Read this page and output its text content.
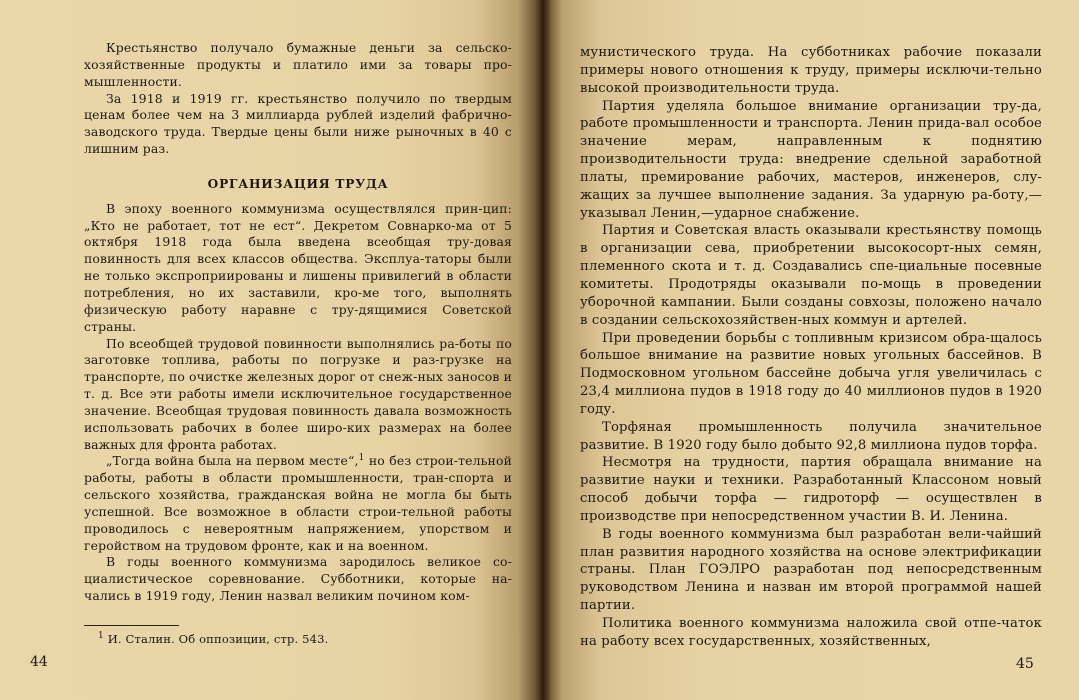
Крестьянство получало бумажные деньги за сельско-хозяйственные продукты и платило ими за товары про-мышленности.

За 1918 и 1919 гг. крестьянство получило по твердым ценам более чем на 3 миллиарда рублей изделий фабрично-заводского труда. Твердые цены были ниже рыночных в 40 с лишним раз.

ОРГАНИЗАЦИЯ ТРУДА

В эпоху военного коммунизма осуществлялся прин-цип: „Кто не работает, тот не ест“. Декретом Совнарко-ма от 5 октября 1918 года была введена всеобщая тру-довая повинность для всех классов общества. Эксплуа-таторы были не только экспроприированы и лишены привилегий в области потребления, но их заставили, кро-ме того, выполнять физическую работу наравне с тру-дящимися Советской страны.

По всеобщей трудовой повинности выполнялись ра-боты по заготовке топлива, работы по погрузке и раз-грузке на транспорте, по очистке железных дорог от снеж-ных заносов и т. д. Все эти работы имели исключительное государственное значение. Всеобщая трудовая повинность давала возможность использовать рабочих в более широ-ких размерах на более важных для фронта работах.

„Тогда война была на первом месте“,$^1$ но без строи-тельной работы, работы в области промышленности, тран-спорта и сельского хозяйства, гражданская война не могла бы быть успешной. Все возможное в области строи-тельной работы проводилось с невероятным напряжением, упорством и геройством на трудовом фронте, как и на военном.

В годы военного коммунизма зародилось великое со-циалистическое соревнование. Субботники, которые на-чались в 1919 году, Ленин назвал великим почином ком-

$^1$ И. Сталин. Об оппозиции, стр. 543.
44

мунистического труда. На субботниках рабочие показали примеры нового отношения к труду, примеры исключи-тельно высокой производительности труда.

Партия уделяла большое внимание организации тру-да, работе промышленности и транспорта. Ленин прида-вал особое значение мерам, направленным к поднятию производительности труда: внедрение сдельной заработной платы, премирование рабочих, мастеров, инженеров, слу-жащих за лучшее выполнение задания. За ударную ра-боту,—указывал Ленин,—ударное снабжение.

Партия и Советская власть оказывали крестьянству помощь в организации сева, приобретении высокосорт-ных семян, племенного скота и т. д. Создавались спе-циальные посевные комитеты. Продотряды оказывали по-мощь в проведении уборочной кампании. Были созданы совхозы, положено начало в создании сельскохозяйствен-ных коммун и артелей.

При проведении борьбы с топливным кризисом обра-щалось большое внимание на развитие новых угольных бассейнов. В Подмосковном угольном бассейне добыча угля увеличилась с 23,4 миллиона пудов в 1918 году до 40 миллионов пудов в 1920 году.

Торфяная промышленность получила значительное развитие. В 1920 году было добыто 92,8 миллиона пудов торфа.

Несмотря на трудности, партия обращала внимание на развитие науки и техники. Разработанный Классоном новый способ добычи торфа — гидроторф — осуществлен в производстве при непосредственном участии В. И. Ленина.

В годы военного коммунизма был разработан вели-чайший план развития народного хозяйства на основе электрификации страны. План ГОЭЛРО разработан под непосредственным руководством Ленина и назван им второй программой нашей партии.

Политика военного коммунизма наложила свой отпе-чаток на работу всех государственных, хозяйственных,

45
